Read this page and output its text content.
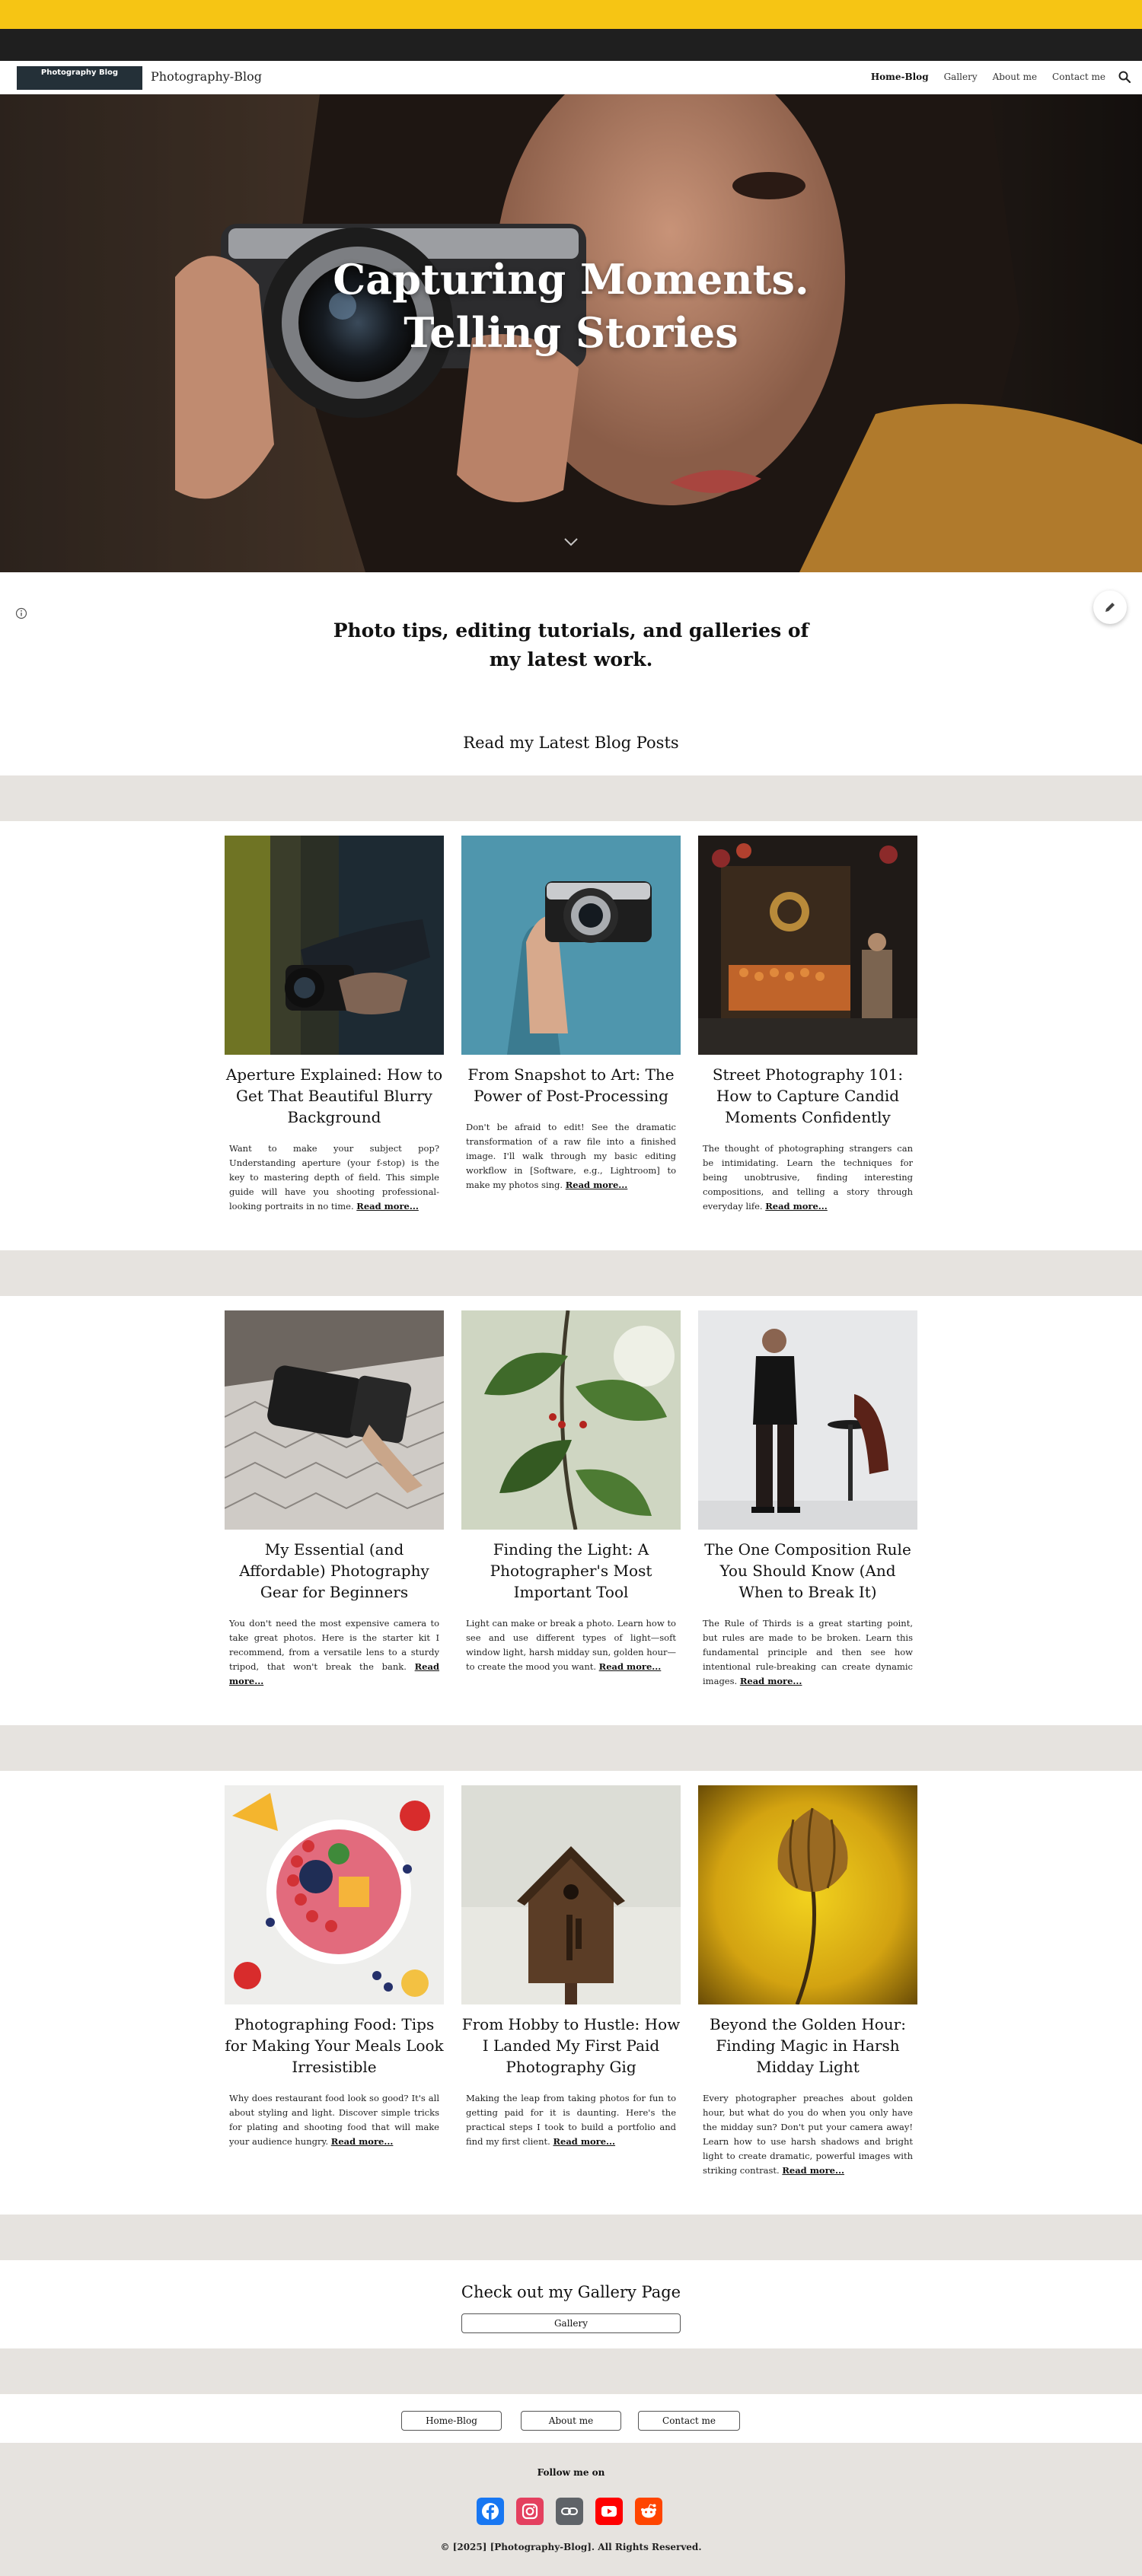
Photography Blog	Photography-Blog	Home-Blog Gallery About me Contact me
Capturing Moments.
Telling Stories
Photo tips, editing tutorials, and galleries of my latest work.
Read my Latest Blog Posts
Aperture Explained: How to Get That Beautiful Blurry Background
Want to make your subject pop? Understanding aperture (your f-stop) is the key to mastering depth of field. This simple guide will have you shooting professional-looking portraits in no time. Read more...
From Snapshot to Art: The Power of Post-Processing
Don't be afraid to edit! See the dramatic transformation of a raw file into a finished image. I'll walk through my basic editing workflow in [Software, e.g., Lightroom] to make my photos sing. Read more...
Street Photography 101: How to Capture Candid Moments Confidently
The thought of photographing strangers can be intimidating. Learn the techniques for being unobtrusive, finding interesting compositions, and telling a story through everyday life. Read more...
My Essential (and Affordable) Photography Gear for Beginners
You don't need the most expensive camera to take great photos. Here is the starter kit I recommend, from a versatile lens to a sturdy tripod, that won't break the bank. Read more...
Finding the Light: A Photographer's Most Important Tool
Light can make or break a photo. Learn how to see and use different types of light—soft window light, harsh midday sun, golden hour—to create the mood you want. Read more...
The One Composition Rule You Should Know (And When to Break It)
The Rule of Thirds is a great starting point, but rules are made to be broken. Learn this fundamental principle and then see how intentional rule-breaking can create dynamic images. Read more...
Photographing Food: Tips for Making Your Meals Look Irresistible
Why does restaurant food look so good? It's all about styling and light. Discover simple tricks for plating and shooting food that will make your audience hungry. Read more...
From Hobby to Hustle: How I Landed My First Paid Photography Gig
Making the leap from taking photos for fun to getting paid for it is daunting. Here's the practical steps I took to build a portfolio and find my first client. Read more...
Beyond the Golden Hour: Finding Magic in Harsh Midday Light
Every photographer preaches about golden hour, but what do you do when you only have the midday sun? Don't put your camera away! Learn how to use harsh shadows and bright light to create dramatic, powerful images with striking contrast. Read more...
Check out my Gallery Page
Gallery
Home-Blog	About me	Contact me
Follow me on
© [2025] [Photography-Blog]. All Rights Reserved.
